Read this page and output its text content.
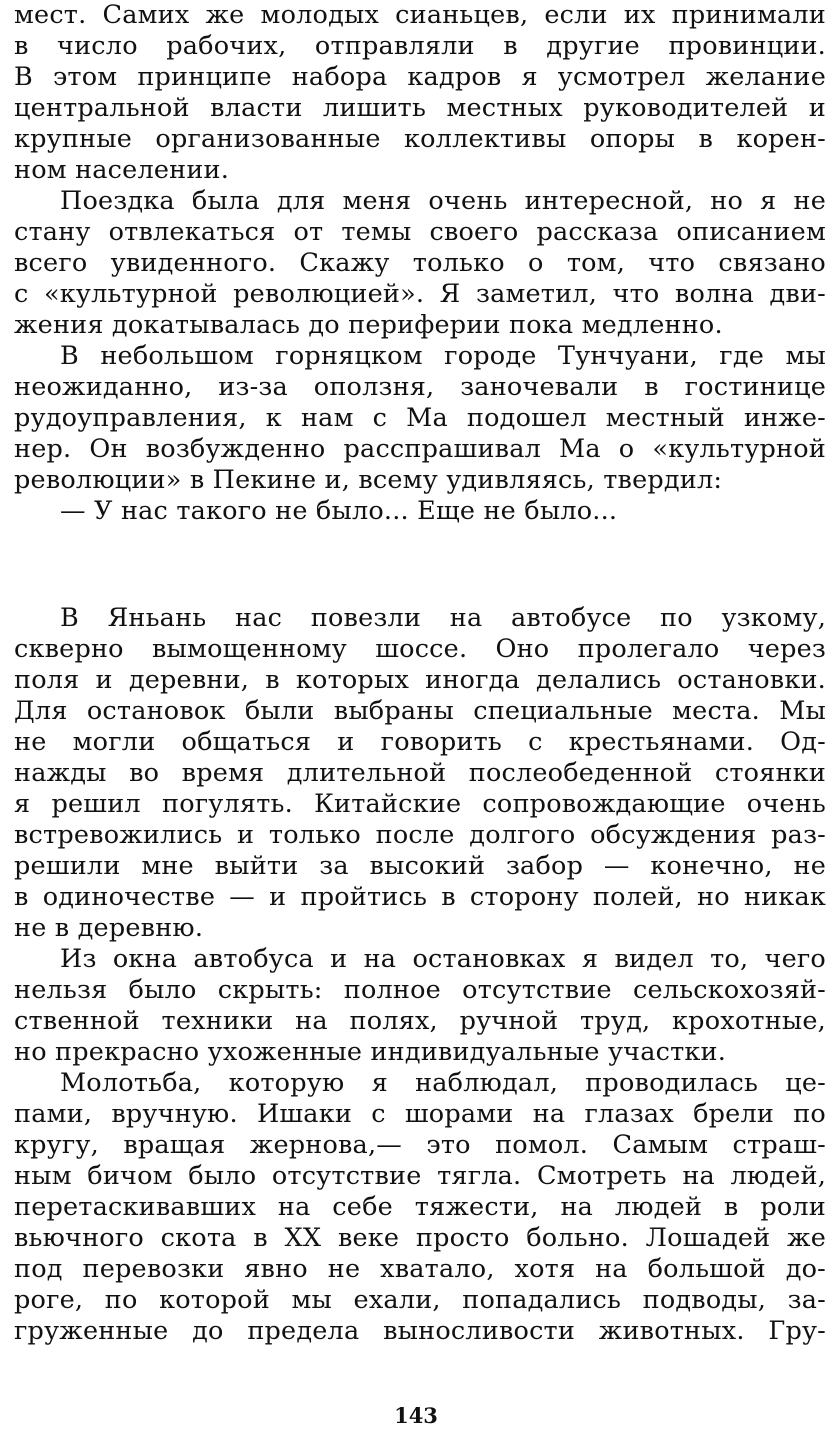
мест. Самих же молодых сианьцев, если их принимали
в число рабочих, отправляли в другие провинции.
В этом принципе набора кадров я усмотрел желание
центральной власти лишить местных руководителей и
крупные организованные коллективы опоры в корен-
ном населении.
Поездка была для меня очень интересной, но я не
стану отвлекаться от темы своего рассказа описанием
всего увиденного. Скажу только о том, что связано
с «культурной революцией». Я заметил, что волна дви-
жения докатывалась до периферии пока медленно.
В небольшом горняцком городе Тунчуани, где мы
неожиданно, из-за оползня, заночевали в гостинице
рудоуправления, к нам с Ма подошел местный инже-
нер. Он возбужденно расспрашивал Ма о «культурной
революции» в Пекине и, всему удивляясь, твердил:
— У нас такого не было... Еще не было...
В Яньань нас повезли на автобусе по узкому,
скверно вымощенному шоссе. Оно пролегало через
поля и деревни, в которых иногда делались остановки.
Для остановок были выбраны специальные места. Мы
не могли общаться и говорить с крестьянами. Од-
нажды во время длительной послеобеденной стоянки
я решил погулять. Китайские сопровождающие очень
встревожились и только после долгого обсуждения раз-
решили мне выйти за высокий забор — конечно, не
в одиночестве — и пройтись в сторону полей, но никак
не в деревню.
Из окна автобуса и на остановках я видел то, чего
нельзя было скрыть: полное отсутствие сельскохозяй-
ственной техники на полях, ручной труд, крохотные,
но прекрасно ухоженные индивидуальные участки.
Молотьба, которую я наблюдал, проводилась це-
пами, вручную. Ишаки с шорами на глазах брели по
кругу, вращая жернова,— это помол. Самым страш-
ным бичом было отсутствие тягла. Смотреть на людей,
перетаскивавших на себе тяжести, на людей в роли
вьючного скота в XX веке просто больно. Лошадей же
под перевозки явно не хватало, хотя на большой до-
роге, по которой мы ехали, попадались подводы, за-
груженные до предела выносливости животных. Гру-
143
